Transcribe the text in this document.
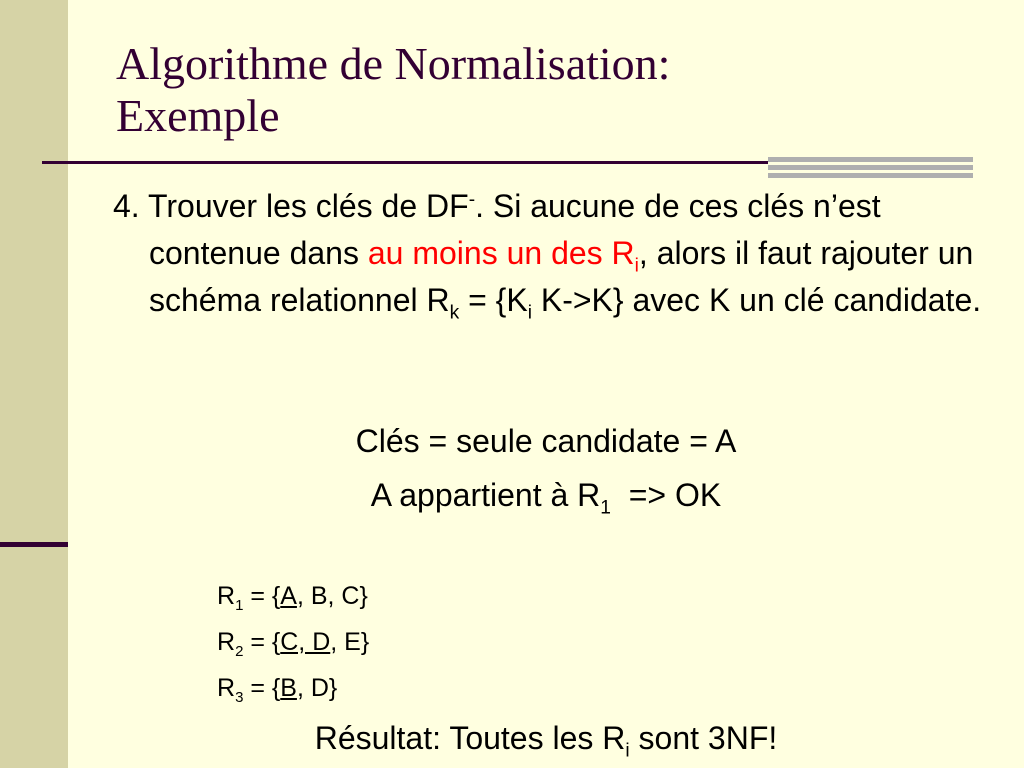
Algorithme de Normalisation:
Exemple
4. Trouver les clés de DF-. Si aucune de ces clés n’est contenue dans au moins un des $R_i$, alors il faut rajouter un schéma relationnel $R_k = \{K_i$ K->K} avec K un clé candidate.
Clés = seule candidate = A
A appartient à $R_1$  => OK
$R_1 = \{A$, B, C}
$R_2 = \{C$, D, E}
$R_3 = \{B$, D}
Résultat: Toutes les $R_i$ sont 3NF!
